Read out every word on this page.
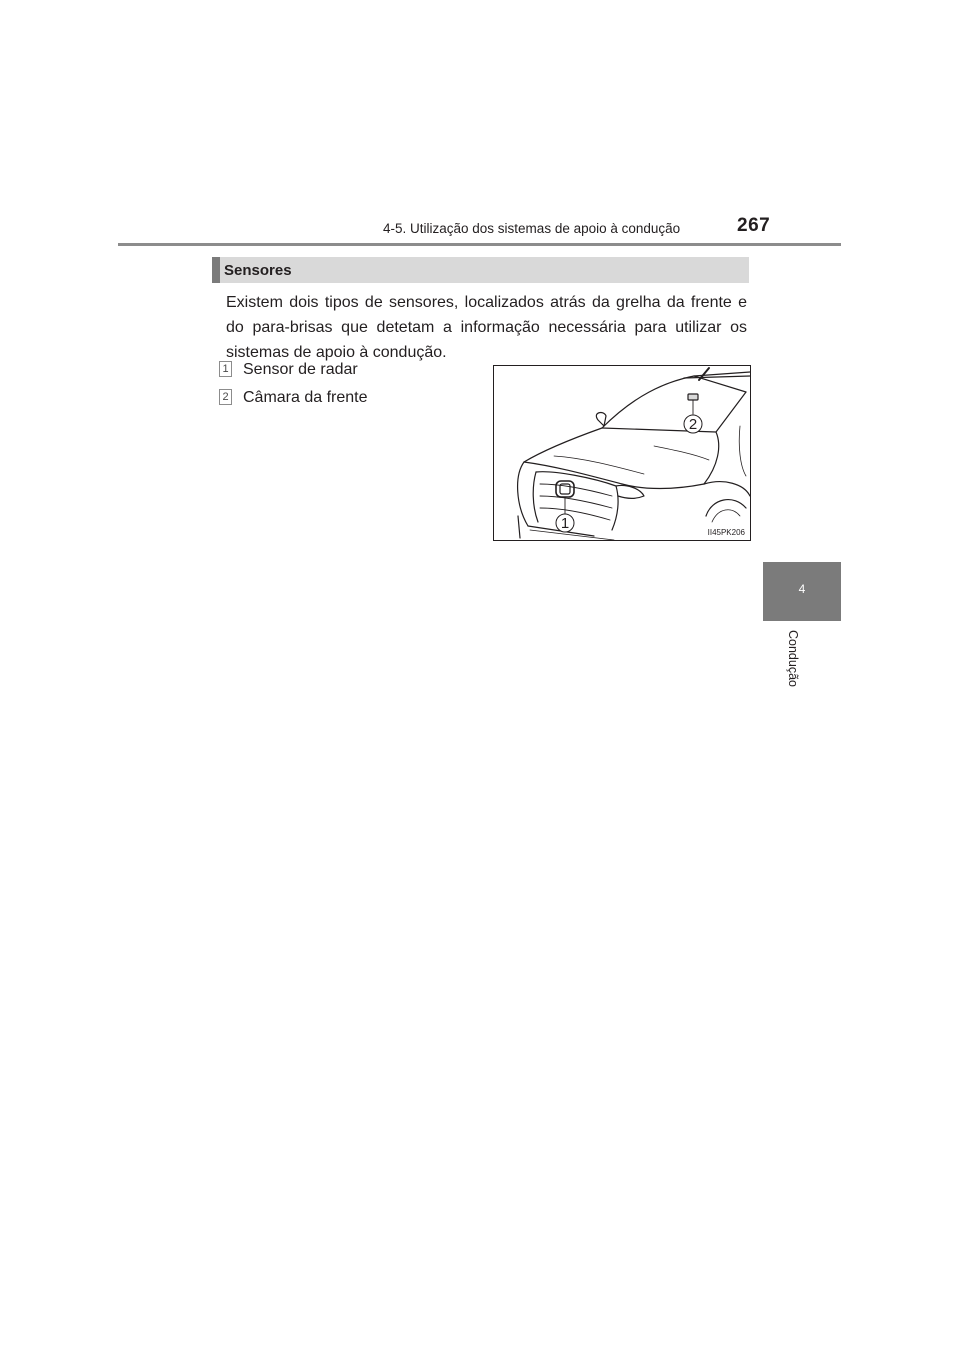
4-5. Utilização dos sistemas de apoio à condução	267
4
Condução
Sensores

Existem dois tipos de sensores, localizados atrás da grelha da frente e do para-brisas que detetam a informação necessária para utilizar os sistemas de apoio à condução.

1 Sensor de radar
2 Câmara da frente
2
1
II45PK206
